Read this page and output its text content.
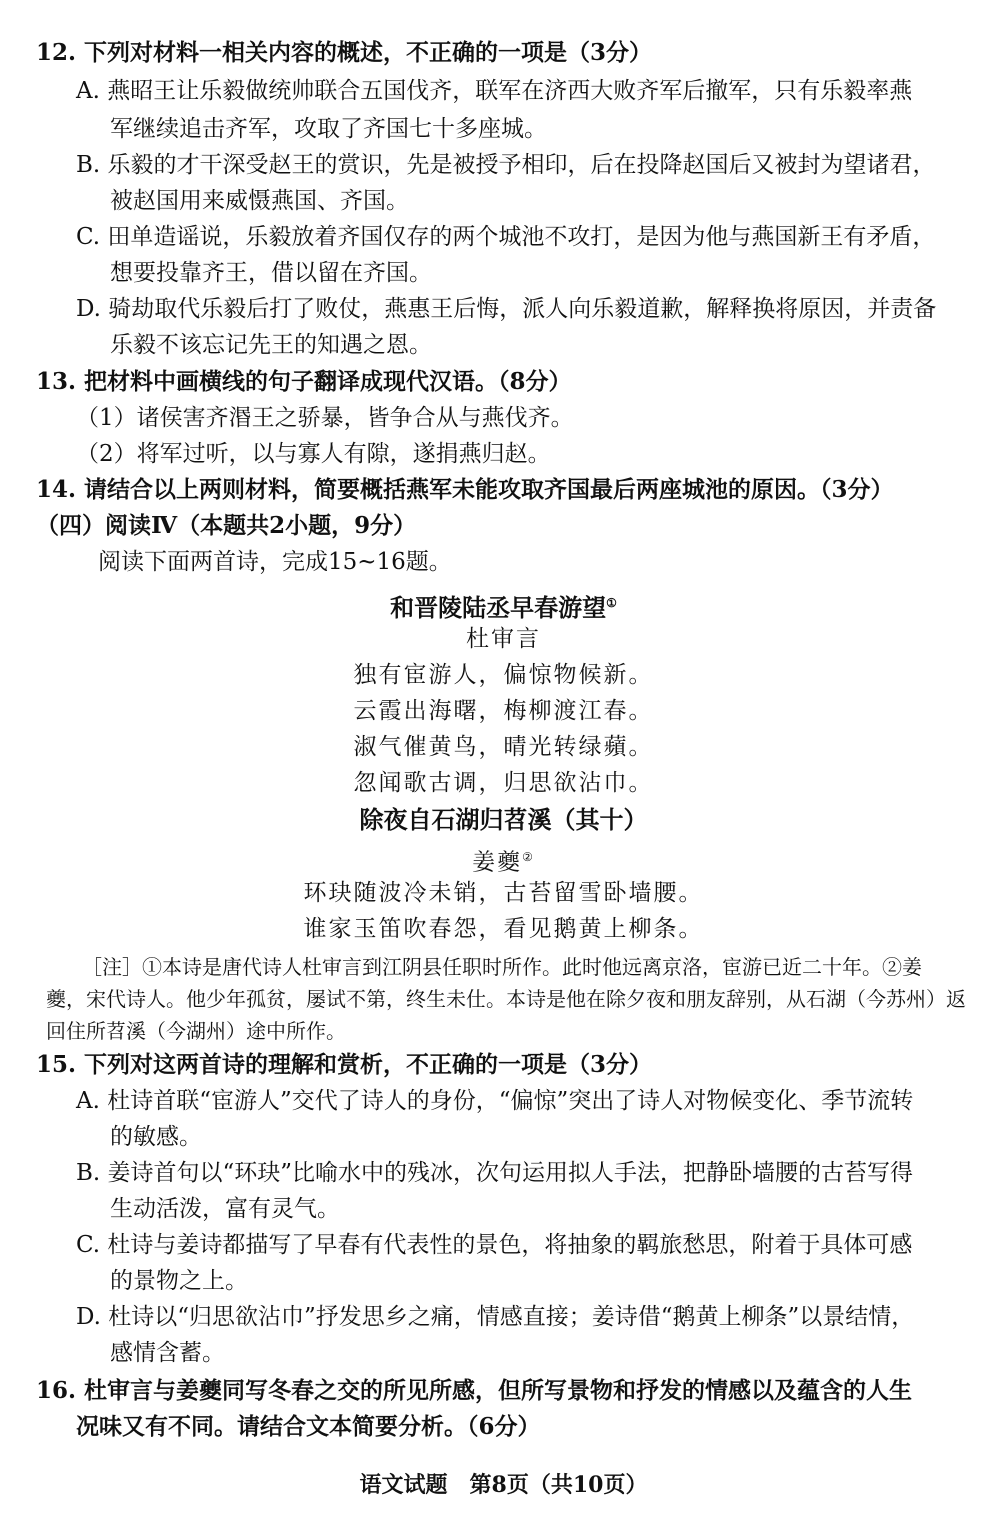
12. 下列对材料一相关内容的概述，不正确的一项是（3分）
A. 燕昭王让乐毅做统帅联合五国伐齐，联军在济西大败齐军后撤军，只有乐毅率燕
军继续追击齐军，攻取了齐国七十多座城。
B. 乐毅的才干深受赵王的赏识，先是被授予相印，后在投降赵国后又被封为望诸君，
被赵国用来威慑燕国、齐国。
C. 田单造谣说，乐毅放着齐国仅存的两个城池不攻打，是因为他与燕国新王有矛盾，
想要投靠齐王，借以留在齐国。
D. 骑劫取代乐毅后打了败仗，燕惠王后悔，派人向乐毅道歉，解释换将原因，并责备
乐毅不该忘记先王的知遇之恩。
13. 把材料中画横线的句子翻译成现代汉语。（8分）
（1）诸侯害齐湣王之骄暴，皆争合从与燕伐齐。
（2）将军过听，以与寡人有隙，遂捐燕归赵。
14. 请结合以上两则材料，简要概括燕军未能攻取齐国最后两座城池的原因。（3分）
（四）阅读Ⅳ（本题共2小题，9分）
阅读下面两首诗，完成15~16题。
和晋陵陆丞早春游望①
杜审言
独有宦游人，偏惊物候新。
云霞出海曙，梅柳渡江春。
淑气催黄鸟，晴光转绿蘋。
忽闻歌古调，归思欲沾巾。
除夜自石湖归苕溪（其十）
姜夔②
环玦随波冷未销，古苔留雪卧墙腰。
谁家玉笛吹春怨，看见鹅黄上柳条。
［注］①本诗是唐代诗人杜审言到江阴县任职时所作。此时他远离京洛，宦游已近二十年。②姜
夔，宋代诗人。他少年孤贫，屡试不第，终生未仕。本诗是他在除夕夜和朋友辞别，从石湖（今苏州）返
回住所苕溪（今湖州）途中所作。
15. 下列对这两首诗的理解和赏析，不正确的一项是（3分）
A. 杜诗首联“宦游人”交代了诗人的身份，“偏惊”突出了诗人对物候变化、季节流转
的敏感。
B. 姜诗首句以“环玦”比喻水中的残冰，次句运用拟人手法，把静卧墙腰的古苔写得
生动活泼，富有灵气。
C. 杜诗与姜诗都描写了早春有代表性的景色，将抽象的羁旅愁思，附着于具体可感
的景物之上。
D. 杜诗以“归思欲沾巾”抒发思乡之痛，情感直接；姜诗借“鹅黄上柳条”以景结情，
感情含蓄。
16. 杜审言与姜夔同写冬春之交的所见所感，但所写景物和抒发的情感以及蕴含的人生
况味又有不同。请结合文本简要分析。（6分）
语文试题　第8页（共10页）
